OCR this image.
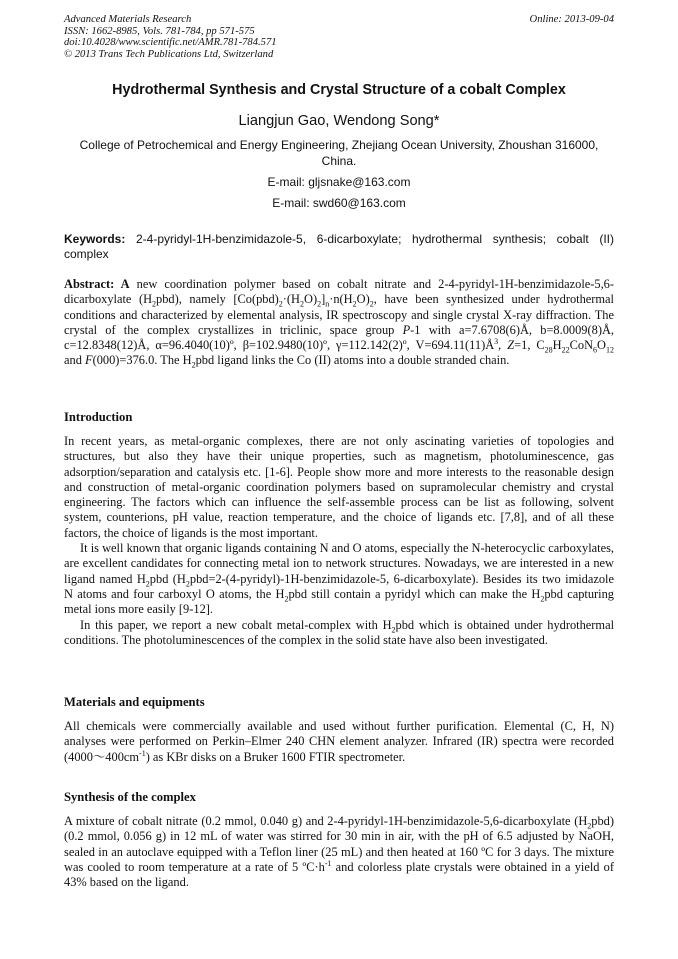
Advanced Materials Research
ISSN: 1662-8985, Vols. 781-784, pp 571-575
doi:10.4028/www.scientific.net/AMR.781-784.571
© 2013 Trans Tech Publications Ltd, Switzerland
Online: 2013-09-04
Hydrothermal Synthesis and Crystal Structure of a cobalt Complex
Liangjun Gao, Wendong Song*
College of Petrochemical and Energy Engineering, Zhejiang Ocean University, Zhoushan 316000, China.
E-mail: gljsnake@163.com
E-mail: swd60@163.com
Keywords: 2-4-pyridyl-1H-benzimidazole-5, 6-dicarboxylate; hydrothermal synthesis; cobalt (II) complex
Abstract: A new coordination polymer based on cobalt nitrate and 2-4-pyridyl-1H-benzimidazole-5,6-dicarboxylate $(H_2pbd)$, namely $[Co(pbd)_2\cdot(H_2O)_2]_n\cdot n(H_2O)_2$, have been synthesized under hydrothermal conditions and characterized by elemental analysis, IR spectroscopy and single crystal X-ray diffraction. The crystal of the complex crystallizes in triclinic, space group P-1 with a=7.6708(6)Å, b=8.0009(8)Å, c=12.8348(12)Å, α=96.4040(10)º, β=102.9480(10)º, γ=112.142(2)º, $V=694.11(11)Å^3$, Z=1, $C_{28}H_{22}CoN_6O_{12}$ and F(000)=376.0. The $H_2pbd$ ligand links the Co (II) atoms into a double stranded chain.
Introduction

In recent years, as metal-organic complexes, there are not only ascinating varieties of topologies and structures, but also they have their unique properties, such as magnetism, photoluminescence, gas adsorption/separation and catalysis etc. [1-6]. People show more and more interests to the reasonable design and construction of metal-organic coordination polymers based on supramolecular chemistry and crystal engineering. The factors which can influence the self-assemble process can be list as following, solvent system, counterions, pH value, reaction temperature, and the choice of ligands etc. [7,8], and of all these factors, the choice of ligands is the most important.

It is well known that organic ligands containing N and O atoms, especially the N-heterocyclic carboxylates, are excellent candidates for connecting metal ion to network structures. Nowadays, we are interested in a new ligand named $H_2pbd$ ($H_2pbd=2-(4-pyridyl)-1H-benzimidazole-5$, 6-dicarboxylate). Besides its two imidazole N atoms and four carboxyl O atoms, the $H_2pbd$ still contain a pyridyl which can make the $H_2pbd$ capturing metal ions more easily [9-12].

In this paper, we report a new cobalt metal-complex with $H_2pbd$ which is obtained under hydrothermal conditions. The photoluminescences of the complex in the solid state have also been investigated.

Materials and equipments
All chemicals were commercially available and used without further purification. Elemental (C, H, N) analyses were performed on Perkin–Elmer 240 CHN element analyzer. Infrared (IR) spectra were recorded $(4000\sim 400cm^{-1})$ as KBr disks on a Bruker 1600 FTIR spectrometer.
Synthesis of the complex
A mixture of cobalt nitrate (0.2 mmol, 0.040 g) and 2-4-pyridyl-1H-benzimidazole-5,6-dicarboxylate $(H_2pbd)$ (0.2 mmol, 0.056 g) in 12 mL of water was stirred for 30 min in air, with the pH of 6.5 adjusted by NaOH, sealed in an autoclave equipped with a Teflon liner (25 mL) and then heated at 160 ºC for 3 days. The mixture was cooled to room temperature at a rate of 5 $ºC\cdot h^{-1}$ and colorless plate crystals were obtained in a yield of 43% based on the ligand.
